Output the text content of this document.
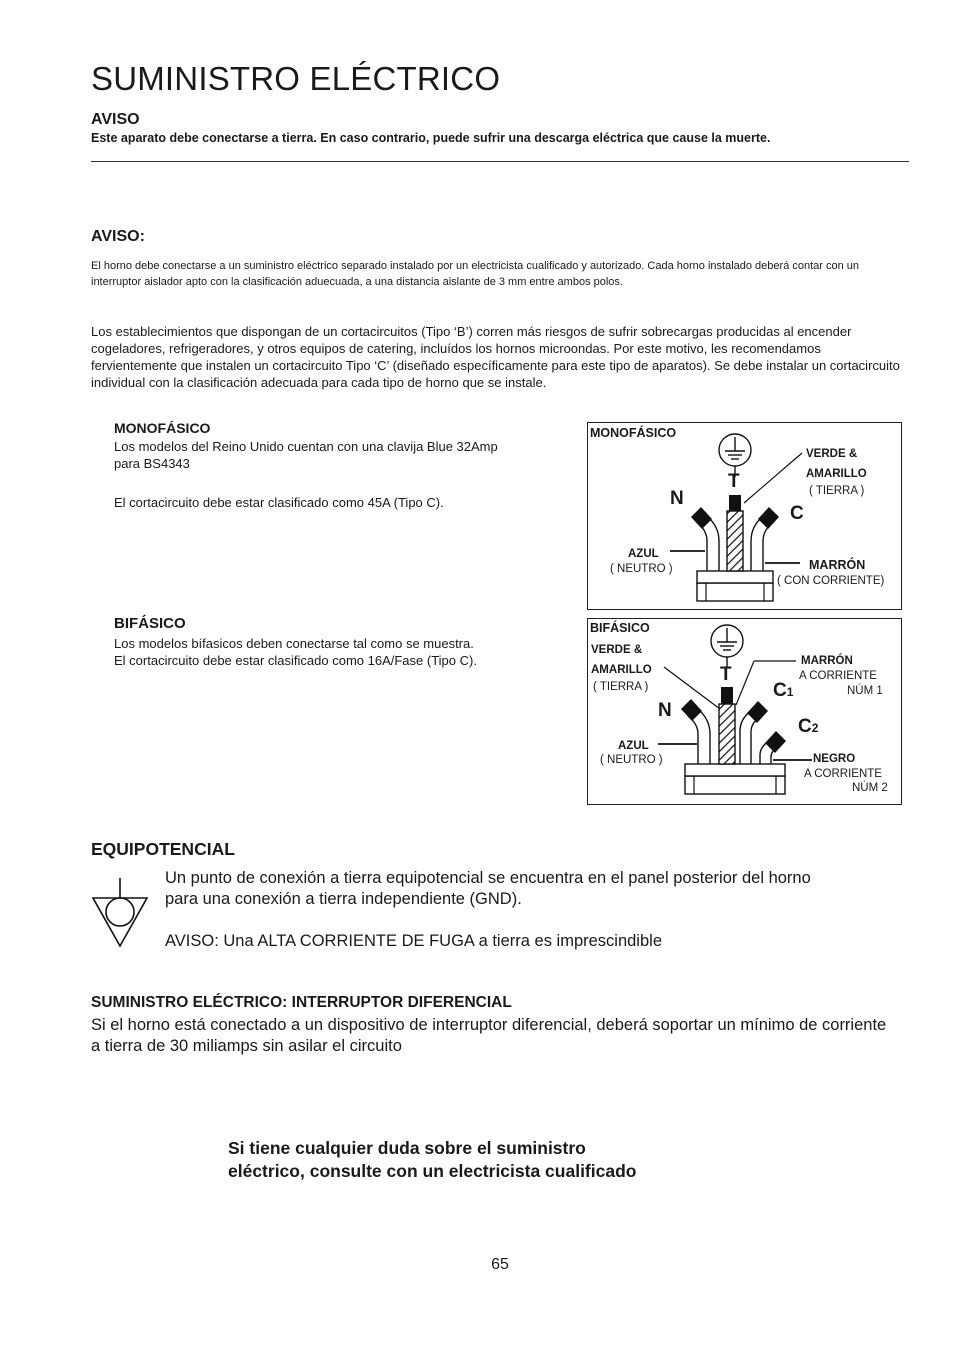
SUMINISTRO ELÉCTRICO
AVISO
Este aparato debe conectarse a tierra. En caso contrario, puede sufrir una descarga eléctrica que cause la muerte.
AVISO:
El horno debe conectarse a un suministro eléctrico separado instalado por un electricista cualificado y autorizado. Cada horno instalado deberá contar con un interruptor aislador apto con la clasificación aduecuada, a una distancia aislante de 3 mm entre ambos polos.
Los establecimientos que dispongan de un cortacircuitos (Tipo ‘B’) corren más riesgos de sufrir sobrecargas producidas al encender cogeladores, refrigeradores, y otros equipos de catering, incluídos los hornos microondas. Por este motivo, les recomendamos fervientemente que instalen un cortacircuito Tipo ‘C’ (diseñado específicamente para este tipo de aparatos). Se debe instalar un cortacircuito individual con la clasificación adecuada para cada tipo de horno que se instale.
MONOFÁSICO
Los modelos del Reino Unido cuentan con una clavija Blue 32Amp para BS4343
El cortacircuito debe estar clasificado como 45A (Tipo C).
MONOFÁSICO
T
N
C
VERDE &
AMARILLO
( TIERRA )
AZUL
( NEUTRO )	MARRÓN
( CON CORRIENTE)
BIFÁSICO
Los modelos bífasicos deben conectarse tal como se muestra.
El cortacircuito debe estar clasificado como 16A/Fase (Tipo C).
BIFÁSICO
T
N
C1
C2
VERDE &
AMARILLO
( TIERRA )
AZUL
( NEUTRO )
MARRÓN
A CORRIENTE
NÚM 1
NEGRO
A CORRIENTE
NÚM 2
EQUIPOTENCIAL
Un punto de conexión a tierra equipotencial se encuentra en el panel posterior del horno para una conexión a tierra independiente (GND).
AVISO: Una ALTA CORRIENTE DE FUGA a tierra es imprescindible
SUMINISTRO ELÉCTRICO: INTERRUPTOR DIFERENCIAL
Si el horno está conectado a un dispositivo de interruptor diferencial, deberá soportar un mínimo de corriente a tierra de 30 miliamps sin asilar el circuito
Si tiene cualquier duda sobre el suministro
eléctrico, consulte con un electricista cualificado
65
